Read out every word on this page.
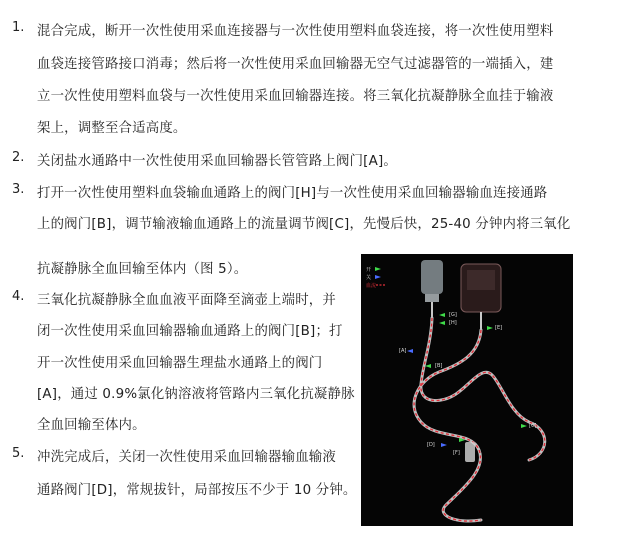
1.
2.
3.
4.
5.
混合完成，断开一次性使用采血连接器与一次性使用塑料血袋连接，将一次性使用塑料
血袋连接管路接口消毒；然后将一次性使用采血回输器无空气过滤器管的一端插入，建
立一次性使用塑料血袋与一次性使用采血回输器连接。将三氧化抗凝静脉全血挂于输液
架上，调整至合适高度。
关闭盐水通路中一次性使用采血回输器长管管路上阀门[A]。
打开一次性使用塑料血袋输血通路上的阀门[H]与一次性使用采血回输器输血连接通路
上的阀门[B]，调节输液输血通路上的流量调节阀[C]，先慢后快，25-40 分钟内将三氧化
抗凝静脉全血回输至体内（图 5）。
三氧化抗凝静脉全血血液平面降至滴壶上端时，并
闭一次性使用采血回输器输血通路上的阀门[B]；打
开一次性使用采血回输器生理盐水通路上的阀门
[A]，通过 0.9%氯化钠溶液将管路内三氧化抗凝静脉
全血回输至体内。
冲洗完成后，关闭一次性使用采血回输器输血输液
通路阀门[D]，常规拔针，局部按压不少于 10 分钟。
开
关
血流
[G]
[H]
[E]
[A]
[B]
[C]
[D]
[F]
